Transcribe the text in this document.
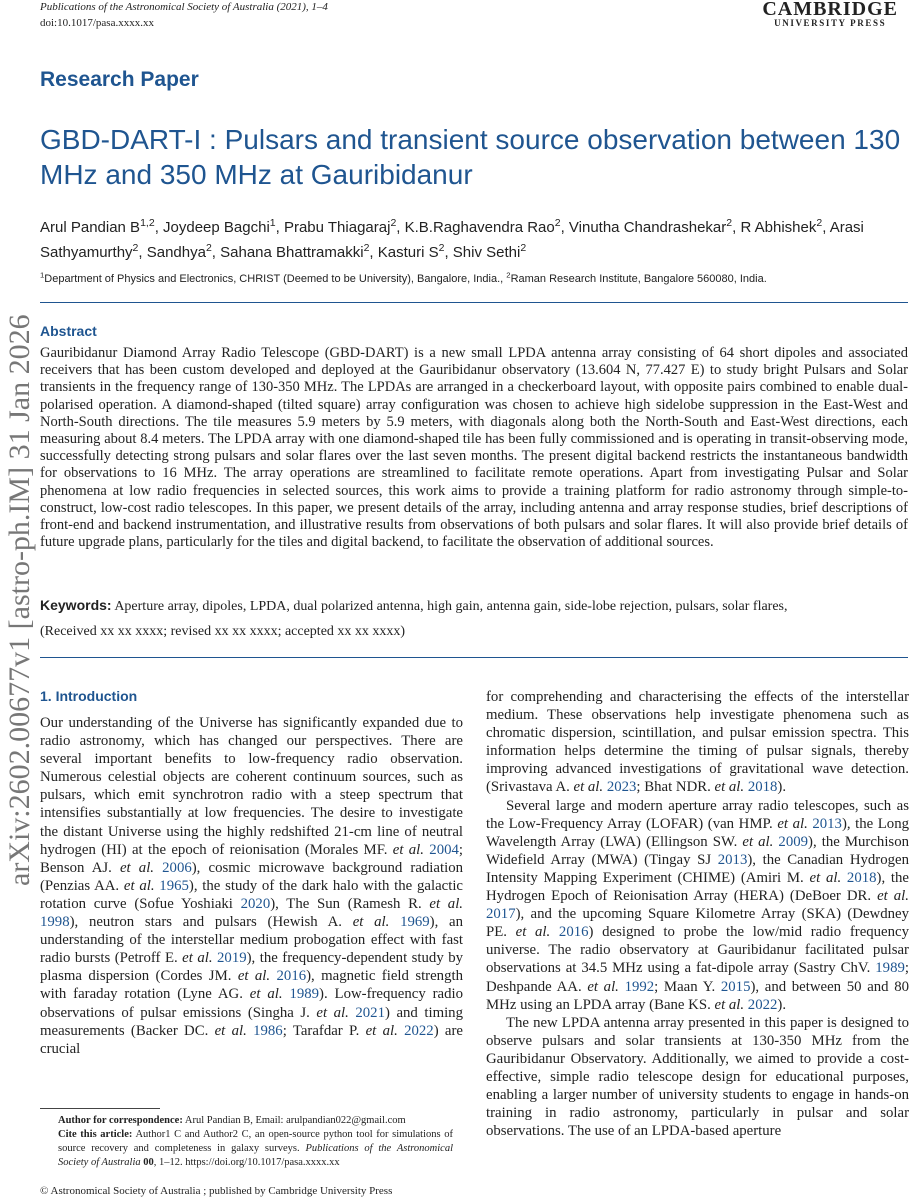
Publications of the Astronomical Society of Australia (2021), 1–4
doi:10.1017/pasa.xxxx.xx
CAMBRIDGE
UNIVERSITY PRESS
arXiv:2602.00677v1 [astro-ph.IM] 31 Jan 2026
Research Paper
GBD-DART-I : Pulsars and transient source observation between 130 MHz and 350 MHz at Gauribidanur
Arul Pandian B$^{1,2}$, Joydeep Bagchi$^1$, Prabu Thiagaraj$^2$, K.B.Raghavendra Rao$^2$, Vinutha Chandrashekar$^2$, R Abhishek$^2$, Arasi Sathyamurthy$^2$, Sandhya$^2$, Sahana Bhattramakki$^2$, Kasturi $S^2$, Shiv Sethi$^2$
$^1$Department of Physics and Electronics, CHRIST (Deemed to be University), Bangalore, India., $^2$Raman Research Institute, Bangalore 560080, India.
Abstract
Gauribidanur Diamond Array Radio Telescope (GBD-DART) is a new small LPDA antenna array consisting of 64 short dipoles and associated receivers that has been custom developed and deployed at the Gauribidanur observatory (13.604 N, 77.427 E) to study bright Pulsars and Solar transients in the frequency range of 130-350 MHz. The LPDAs are arranged in a checkerboard layout, with opposite pairs combined to enable dual-polarised operation. A diamond-shaped (tilted square) array configuration was chosen to achieve high sidelobe suppression in the East-West and North-South directions. The tile measures 5.9 meters by 5.9 meters, with diagonals along both the North-South and East-West directions, each measuring about 8.4 meters. The LPDA array with one diamond-shaped tile has been fully commissioned and is operating in transit-observing mode, successfully detecting strong pulsars and solar flares over the last seven months. The present digital backend restricts the instantaneous bandwidth for observations to 16 MHz. The array operations are streamlined to facilitate remote operations. Apart from investigating Pulsar and Solar phenomena at low radio frequencies in selected sources, this work aims to provide a training platform for radio astronomy through simple-to-construct, low-cost radio telescopes. In this paper, we present details of the array, including antenna and array response studies, brief descriptions of front-end and backend instrumentation, and illustrative results from observations of both pulsars and solar flares. It will also provide brief details of future upgrade plans, particularly for the tiles and digital backend, to facilitate the observation of additional sources.
Keywords: Aperture array, dipoles, LPDA, dual polarized antenna, high gain, antenna gain, side-lobe rejection, pulsars, solar flares,
(Received xx xx xxxx; revised xx xx xxxx; accepted xx xx xxxx)
1. Introduction

Our understanding of the Universe has significantly expanded due to radio astronomy, which has changed our perspectives. There are several important benefits to low-frequency radio observation. Numerous celestial objects are coherent continuum sources, such as pulsars, which emit synchrotron radio with a steep spectrum that intensifies substantially at low frequencies. The desire to investigate the distant Universe using the highly redshifted 21-cm line of neutral hydrogen (HI) at the epoch of reionisation (Morales MF. et al. 2004; Benson AJ. et al. 2006), cosmic microwave background radiation (Penzias AA. et al. 1965), the study of the dark halo with the galactic rotation curve (Sofue Yoshiaki 2020), The Sun (Ramesh R. et al. 1998), neutron stars and pulsars (Hewish A. et al. 1969), an understanding of the interstellar medium probogation effect with fast radio bursts (Petroff E. et al. 2019), the frequency-dependent study by plasma dispersion (Cordes JM. et al. 2016), magnetic field strength with faraday rotation (Lyne AG. et al. 1989). Low-frequency radio observations of pulsar emissions (Singha J. et al. 2021) and timing measurements (Backer DC. et al. 1986; Tarafdar P. et al. 2022) are crucial

for comprehending and characterising the effects of the interstellar medium. These observations help investigate phenomena such as chromatic dispersion, scintillation, and pulsar emission spectra. This information helps determine the timing of pulsar signals, thereby improving advanced investigations of gravitational wave detection. (Srivastava A. et al. 2023; Bhat NDR. et al. 2018).

Several large and modern aperture array radio telescopes, such as the Low-Frequency Array (LOFAR) (van HMP. et al. 2013), the Long Wavelength Array (LWA) (Ellingson SW. et al. 2009), the Murchison Widefield Array (MWA) (Tingay SJ 2013), the Canadian Hydrogen Intensity Mapping Experiment (CHIME) (Amiri M. et al. 2018), the Hydrogen Epoch of Reionisation Array (HERA) (DeBoer DR. et al. 2017), and the upcoming Square Kilometre Array (SKA) (Dewdney PE. et al. 2016) designed to probe the low/mid radio frequency universe. The radio observatory at Gauribidanur facilitated pulsar observations at 34.5 MHz using a fat-dipole array (Sastry ChV. 1989; Deshpande AA. et al. 1992; Maan Y. 2015), and between 50 and 80 MHz using an LPDA array (Bane KS. et al. 2022).

The new LPDA antenna array presented in this paper is designed to observe pulsars and solar transients at 130-350 MHz from the Gauribidanur Observatory. Additionally, we aimed to provide a cost-effective, simple radio telescope design for educational purposes, enabling a larger number of university students to engage in hands-on training in radio astronomy, particularly in pulsar and solar observations. The use of an LPDA-based aperture

Author for correspondence: Arul Pandian B, Email: arulpandian022@gmail.com
Cite this article: Author1 C and Author2 C, an open-source python tool for simulations of source recovery and completeness in galaxy surveys. Publications of the Astronomical Society of Australia 00, 1–12. https://doi.org/10.1017/pasa.xxxx.xx
© Astronomical Society of Australia ; published by Cambridge University Press
